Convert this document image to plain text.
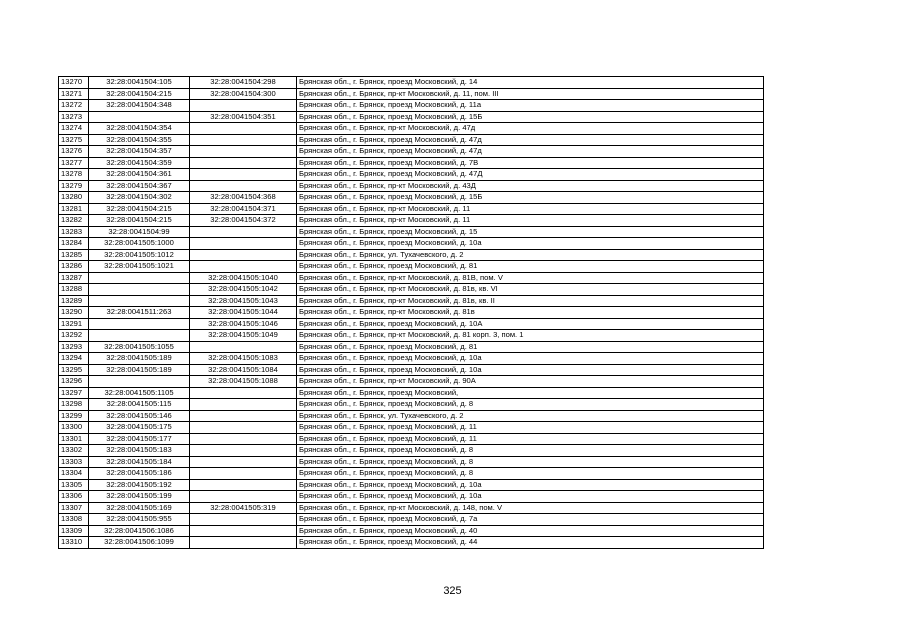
13270	32:28:0041504:105	32:28:0041504:298	Брянская обл., г. Брянск, проезд Московский, д. 14
13271	32:28:0041504:215	32:28:0041504:300	Брянская обл., г. Брянск, пр-кт Московский, д. 11, пом. III
13272	32:28:0041504:348		Брянская обл., г. Брянск, проезд Московский, д. 11а
13273		32:28:0041504:351	Брянская обл., г. Брянск, проезд Московский, д. 15Б
13274	32:28:0041504:354		Брянская обл., г. Брянск, пр-кт Московский, д. 47д
13275	32:28:0041504:355		Брянская обл., г. Брянск, проезд Московский, д. 47д
13276	32:28:0041504:357		Брянская обл., г. Брянск, проезд Московский, д. 47д
13277	32:28:0041504:359		Брянская обл., г. Брянск, проезд Московский, д. 7В
13278	32:28:0041504:361		Брянская обл., г. Брянск, проезд Московский, д. 47Д
13279	32:28:0041504:367		Брянская обл., г. Брянск, пр-кт Московский, д. 43Д
13280	32:28:0041504:302	32:28:0041504:368	Брянская обл., г. Брянск, проезд Московский, д. 15Б
13281	32:28:0041504:215	32:28:0041504:371	Брянская обл., г. Брянск, пр-кт Московский, д. 11
13282	32:28:0041504:215	32:28:0041504:372	Брянская обл., г. Брянск, пр-кт Московский, д. 11
13283	32:28:0041504:99		Брянская обл., г. Брянск, проезд Московский, д. 15
13284	32:28:0041505:1000		Брянская обл., г. Брянск, проезд Московский, д. 10а
13285	32:28:0041505:1012		Брянская обл., г. Брянск, ул. Тухачевского, д. 2
13286	32:28:0041505:1021		Брянская обл., г. Брянск, проезд Московский, д. 81
13287		32:28:0041505:1040	Брянская обл., г. Брянск, пр-кт Московский, д. 81В, пом. V
13288		32:28:0041505:1042	Брянская обл., г. Брянск, пр-кт Московский, д. 81в, кв. VI
13289		32:28:0041505:1043	Брянская обл., г. Брянск, пр-кт Московский, д. 81в, кв. II
13290	32:28:0041511:263	32:28:0041505:1044	Брянская обл., г. Брянск, пр-кт Московский, д. 81в
13291		32:28:0041505:1046	Брянская обл., г. Брянск, проезд Московский, д. 10А
13292		32:28:0041505:1049	Брянская обл., г. Брянск, пр-кт Московский, д. 81 корп. 3, пом. 1
13293	32:28:0041505:1055		Брянская обл., г. Брянск, проезд Московский, д. 81
13294	32:28:0041505:189	32:28:0041505:1083	Брянская обл., г. Брянск, проезд Московский, д. 10а
13295	32:28:0041505:189	32:28:0041505:1084	Брянская обл., г. Брянск, проезд Московский, д. 10а
13296		32:28:0041505:1088	Брянская обл., г. Брянск, пр-кт Московский, д. 90А
13297	32:28:0041505:1105		Брянская обл., г. Брянск, проезд Московский,
13298	32:28:0041505:115		Брянская обл., г. Брянск, проезд Московский, д. 8
13299	32:28:0041505:146		Брянская обл., г. Брянск, ул. Тухачевского, д. 2
13300	32:28:0041505:175		Брянская обл., г. Брянск, проезд Московский, д. 11
13301	32:28:0041505:177		Брянская обл., г. Брянск, проезд Московский, д. 11
13302	32:28:0041505:183		Брянская обл., г. Брянск, проезд Московский, д. 8
13303	32:28:0041505:184		Брянская обл., г. Брянск, проезд Московский, д. 8
13304	32:28:0041505:186		Брянская обл., г. Брянск, проезд Московский, д. 8
13305	32:28:0041505:192		Брянская обл., г. Брянск, проезд Московский, д. 10а
13306	32:28:0041505:199		Брянская обл., г. Брянск, проезд Московский, д. 10а
13307	32:28:0041505:169	32:28:0041505:319	Брянская обл., г. Брянск, пр-кт Московский, д. 148, пом. V
13308	32:28:0041505:955		Брянская обл., г. Брянск, проезд Московский, д. 7а
13309	32:28:0041506:1086		Брянская обл., г. Брянск, проезд Московский, д. 40
13310	32:28:0041506:1099		Брянская обл., г. Брянск, проезд Московский, д. 44
325
